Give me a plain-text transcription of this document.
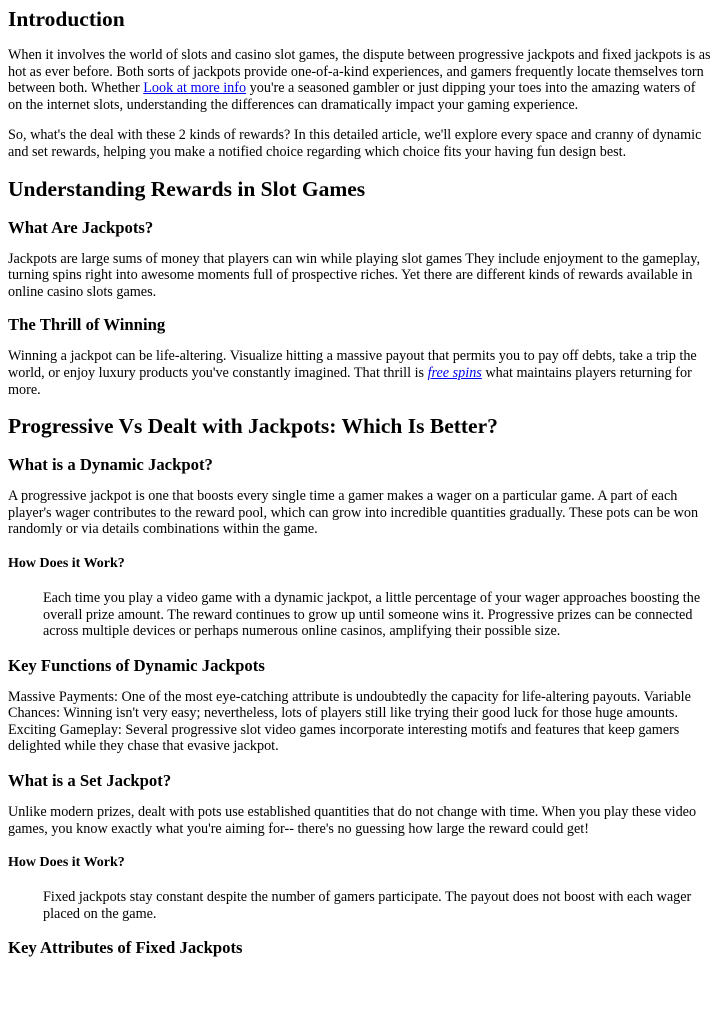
Introduction

When it involves the world of slots and casino slot games, the dispute between progressive jackpots and fixed jackpots is as hot as ever before. Both sorts of jackpots provide one-of-a-kind experiences, and gamers frequently locate themselves torn between both. Whether Look at more info you're a seasoned gambler or just dipping your toes into the amazing waters of on the internet slots, understanding the differences can dramatically impact your gaming experience.

So, what's the deal with these 2 kinds of rewards? In this detailed article, we'll explore every space and cranny of dynamic and set rewards, helping you make a notified choice regarding which choice fits your having fun design best.

Understanding Rewards in Slot Games
What Are Jackpots?

Jackpots are large sums of money that players can win while playing slot games They include enjoyment to the gameplay, turning spins right into awesome moments full of prospective riches. Yet there are different kinds of rewards available in online casino slots games.

The Thrill of Winning

Winning a jackpot can be life-altering. Visualize hitting a massive payout that permits you to pay off debts, take a trip the world, or enjoy luxury products you've constantly imagined. That thrill is free spins what maintains players returning for more.

Progressive Vs Dealt with Jackpots: Which Is Better?
What is a Dynamic Jackpot?

A progressive jackpot is one that boosts every single time a gamer makes a wager on a particular game. A part of each player's wager contributes to the reward pool, which can grow into incredible quantities gradually. These pots can be won randomly or via details combinations within the game.

How Does it Work?
Each time you play a video game with a dynamic jackpot, a little percentage of your wager approaches boosting the overall prize amount. The reward continues to grow up until someone wins it. Progressive prizes can be connected across multiple devices or perhaps numerous online casinos, amplifying their possible size.
Key Functions of Dynamic Jackpots

Massive Payments: One of the most eye-catching attribute is undoubtedly the capacity for life-altering payouts. Variable Chances: Winning isn't very easy; nevertheless, lots of players still like trying their good luck for those huge amounts. Exciting Gameplay: Several progressive slot video games incorporate interesting motifs and features that keep gamers delighted while they chase that evasive jackpot.

What is a Set Jackpot?

Unlike modern prizes, dealt with pots use established quantities that do not change with time. When you play these video games, you know exactly what you're aiming for-- there's no guessing how large the reward could get!

How Does it Work?
Fixed jackpots stay constant despite the number of gamers participate. The payout does not boost with each wager placed on the game.
Key Attributes of Fixed Jackpots
